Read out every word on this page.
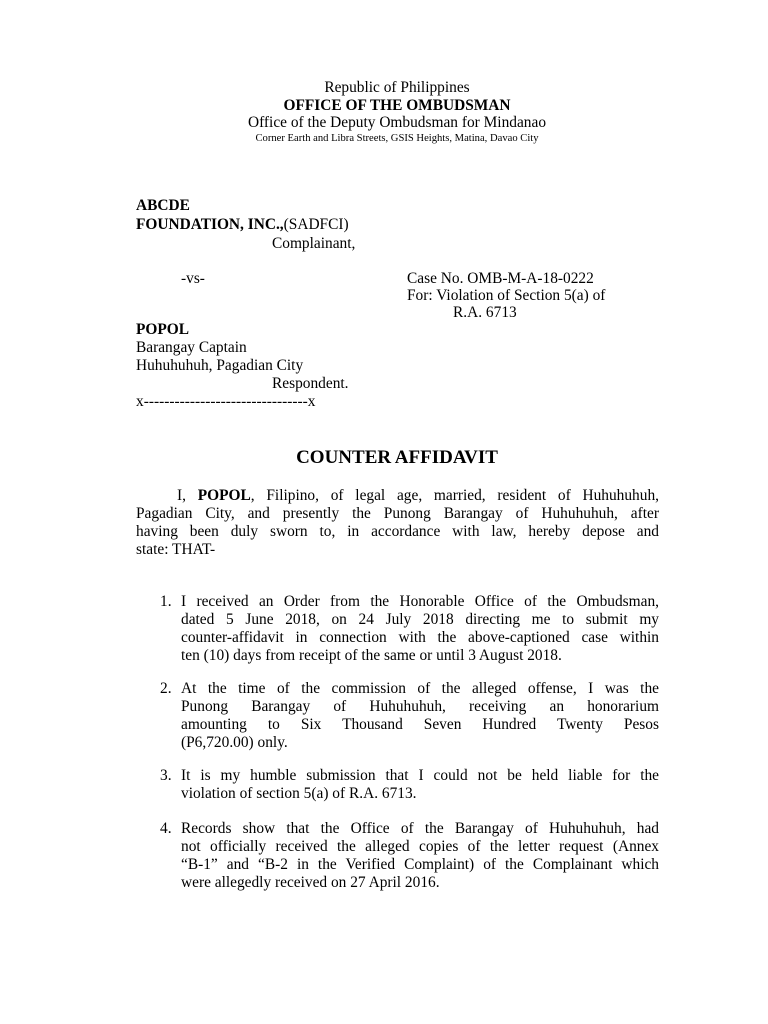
Republic of Philippines
OFFICE OF THE OMBUDSMAN
Office of the Deputy Ombudsman for Mindanao
Corner Earth and Libra Streets, GSIS Heights, Matina, Davao City
ABCDE
FOUNDATION, INC.,(SADFCI)
Complainant,
-vs-	Case No. OMB-M-A-18-0222
For: Violation of Section 5(a) of
R.A. 6713
POPOL
Barangay Captain
Huhuhuhuh, Pagadian City
Respondent.
x--------------------------------x
COUNTER AFFIDAVIT
I, POPOL, Filipino, of legal age, married, resident of Huhuhuhuh,
Pagadian City, and presently the Punong Barangay of Huhuhuhuh, after
having been duly sworn to, in accordance with law, hereby depose and
state: THAT-
1. I received an Order from the Honorable Office of the Ombudsman,
dated 5 June 2018, on 24 July 2018 directing me to submit my
counter-affidavit in connection with the above-captioned case within
ten (10) days from receipt of the same or until 3 August 2018.
2. At the time of the commission of the alleged offense, I was the
Punong Barangay of Huhuhuhuh, receiving an honorarium
amounting to Six Thousand Seven Hundred Twenty Pesos
(P6,720.00) only.
3. It is my humble submission that I could not be held liable for the
violation of section 5(a) of R.A. 6713.
4. Records show that the Office of the Barangay of Huhuhuhuh, had
not officially received the alleged copies of the letter request (Annex
“B-1” and “B-2 in the Verified Complaint) of the Complainant which
were allegedly received on 27 April 2016.
